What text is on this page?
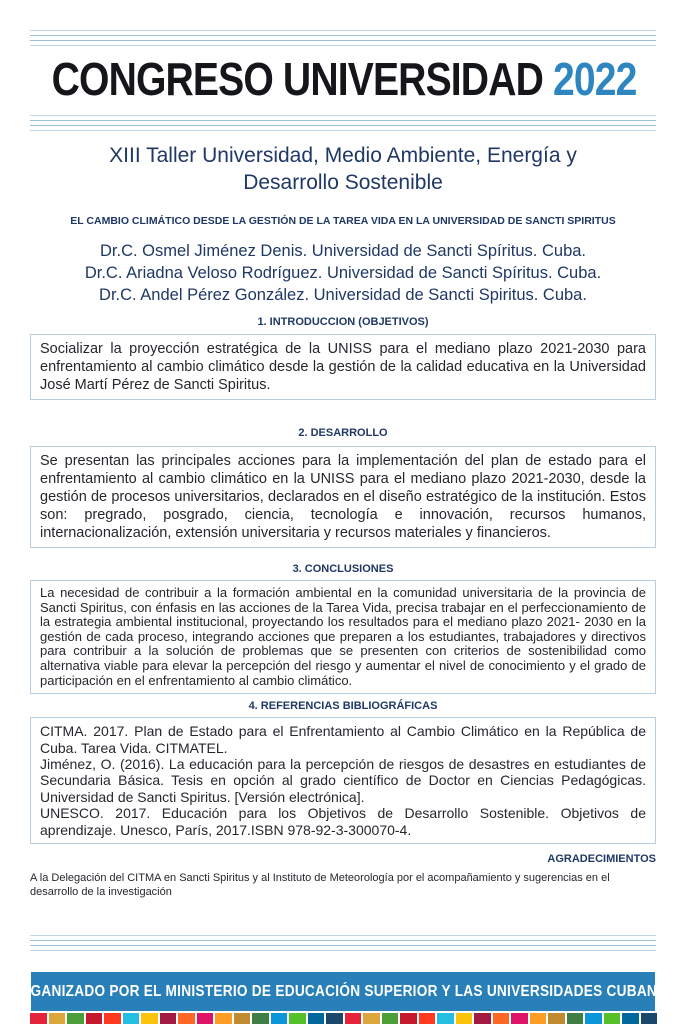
CONGRESO UNIVERSIDAD 2022
XIII Taller Universidad, Medio Ambiente, Energía y
Desarrollo Sostenible
EL CAMBIO CLIMÁTICO DESDE LA GESTIÓN DE LA TAREA VIDA EN LA UNIVERSIDAD DE SANCTI SPIRITUS
Dr.C. Osmel Jiménez Denis. Universidad de Sancti Spíritus. Cuba.
Dr.C. Ariadna Veloso Rodríguez. Universidad de Sancti Spíritus. Cuba.
Dr.C. Andel Pérez González. Universidad de Sancti Spiritus. Cuba.
1. INTRODUCCION (OBJETIVOS)

Socializar la proyección estratégica de la UNISS para el mediano plazo 2021-2030 para enfrentamiento al cambio climático desde la gestión de la calidad educativa en la Universidad José Martí Pérez de Sancti Spiritus.

2. DESARROLLO

Se presentan las principales acciones para la implementación del plan de estado para el enfrentamiento al cambio climático en la UNISS para el mediano plazo 2021-2030, desde la gestión de procesos universitarios, declarados en el diseño estratégico de la institución. Estos son: pregrado, posgrado, ciencia, tecnología e innovación, recursos humanos, internacionalización, extensión universitaria y recursos materiales y financieros.

3. CONCLUSIONES

La necesidad de contribuir a la formación ambiental en la comunidad universitaria de la provincia de Sancti Spiritus, con énfasis en las acciones de la Tarea Vida, precisa trabajar en el perfeccionamiento de la estrategia ambiental institucional, proyectando los resultados para el mediano plazo 2021- 2030 en la gestión de cada proceso, integrando acciones que preparen a los estudiantes, trabajadores y directivos para contribuir a la solución de problemas que se presenten con criterios de sostenibilidad como alternativa viable para elevar la percepción del riesgo y aumentar el nivel de conocimiento y el grado de participación en el enfrentamiento al cambio climático.

4. REFERENCIAS BIBLIOGRÁFICAS

CITMA. 2017. Plan de Estado para el Enfrentamiento al Cambio Climático en la República de Cuba. Tarea Vida. CITMATEL.

Jiménez, O. (2016). La educación para la percepción de riesgos de desastres en estudiantes de Secundaria Básica. Tesis en opción al grado científico de Doctor en Ciencias Pedagógicas. Universidad de Sancti Spiritus. [Versión electrónica].

UNESCO. 2017. Educación para los Objetivos de Desarrollo Sostenible. Objetivos de aprendizaje. Unesco, París, 2017.ISBN 978-92-3-300070-4.

AGRADECIMIENTOS
A la Delegación del CITMA en Sancti Spiritus y al Instituto de Meteorología por el acompañamiento y sugerencias en el desarrollo de la investigación
ORGANIZADO POR EL MINISTERIO DE EDUCACIÓN SUPERIOR Y LAS UNIVERSIDADES CUBANAS
